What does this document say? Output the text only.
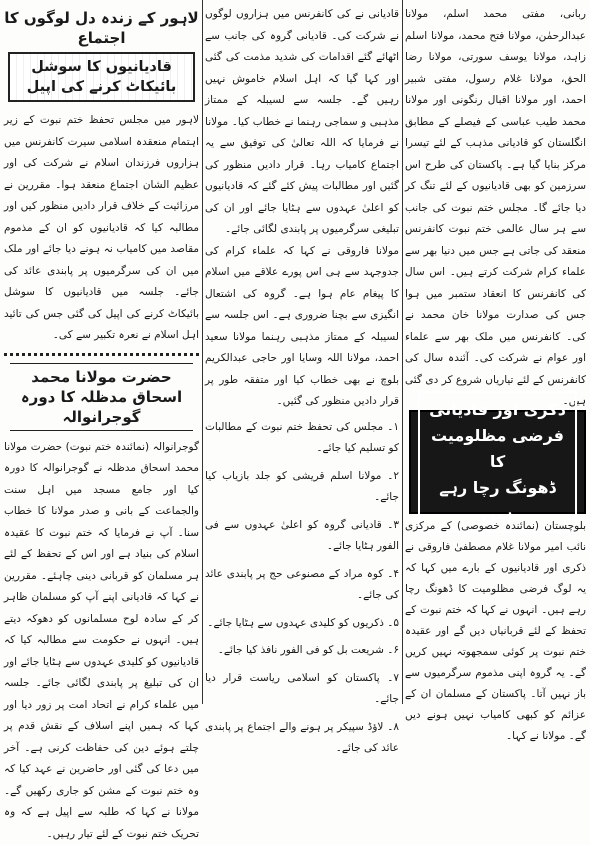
ربانی، مفتی محمد اسلم، مولانا عبدالرحمٰن، مولانا فتح محمد، مولانا اسلم زاہد، مولانا یوسف سورتی، مولانا رضا الحق، مولانا غلام رسول، مفتی شبیر احمد، اور مولانا اقبال رنگونی اور مولانا محمد طیب عباسی کے فیصلے کے مطابق انگلستان کو قادیانی مذہب کے لئے تیسرا مرکز بنایا گیا ہے۔ پاکستان کی طرح اس سرزمین کو بھی قادیانیوں کے لئے تنگ کر دیا جائے گا۔ مجلس ختم نبوت کی جانب سے ہر سال عالمی ختم نبوت کانفرنس منعقد کی جاتی ہے جس میں دنیا بھر سے علماء کرام شرکت کرتے ہیں۔ اس سال کی کانفرنس کا انعقاد ستمبر میں ہوا جس کی صدارت مولانا خان محمد نے کی۔ کانفرنس میں ملک بھر سے علماء اور عوام نے شرکت کی۔ آئندہ سال کی کانفرنس کے لئے تیاریاں شروع کر دی گئی ہیں۔

ذکری اور قادیانی
فرضی مظلومیت کا
ڈھونگ رچا رہے ہیں

بلوچستان (نمائندہ خصوصی) کے مرکزی نائب امیر مولانا غلام مصطفیٰ فاروقی نے ذکری اور قادیانیوں کے بارے میں کہا کہ یہ لوگ فرضی مظلومیت کا ڈھونگ رچا رہے ہیں۔ انہوں نے کہا کہ ختم نبوت کے تحفظ کے لئے قربانیاں دیں گے اور عقیدہ ختم نبوت پر کوئی سمجھوتہ نہیں کریں گے۔ یہ گروہ اپنی مذموم سرگرمیوں سے باز نہیں آتا۔ پاکستان کے مسلمان ان کے عزائم کو کبھی کامیاب نہیں ہونے دیں گے۔ مولانا نے کہا۔

قادیانی نے کی کانفرنس میں ہزاروں لوگوں نے شرکت کی۔ قادیانی گروہ کی جانب سے اٹھائے گئے اقدامات کی شدید مذمت کی گئی اور کہا گیا کہ اہل اسلام خاموش نہیں رہیں گے۔ جلسہ سے لسیبلہ کے ممتاز مذہبی و سماجی رہنما نے خطاب کیا۔ مولانا نے فرمایا کہ اللہ تعالیٰ کی توفیق سے یہ اجتماع کامیاب رہا۔ قرار دادیں منظور کی گئیں اور مطالبات پیش کئے گئے کہ قادیانیوں کو اعلیٰ عہدوں سے ہٹایا جائے اور ان کی تبلیغی سرگرمیوں پر پابندی لگائی جائے۔

مولانا فاروقی نے کہا کہ علماء کرام کی جدوجہد سے ہی اس پورے علاقے میں اسلام کا پیغام عام ہوا ہے۔ گروہ کی اشتعال انگیزی سے بچنا ضروری ہے۔ اس جلسہ سے لسیبلہ کے ممتاز مذہبی رہنما مولانا سعید احمد، مولانا اللہ وسایا اور حاجی عبدالکریم بلوچ نے بھی خطاب کیا اور متفقہ طور پر قرار دادیں منظور کی گئیں۔

۱۔ مجلس کی تحفظ ختم نبوت کے مطالبات کو تسلیم کیا جائے۔

۲۔ مولانا اسلم قریشی کو جلد بازیاب کیا جائے۔

۳۔ قادیانی گروہ کو اعلیٰ عہدوں سے فی الفور ہٹایا جائے۔

۴۔ کوہ مراد کے مصنوعی حج پر پابندی عائد کی جائے۔

۵۔ ذکریوں کو کلیدی عہدوں سے ہٹایا جائے۔

۶۔ شریعت بل کو فی الفور نافذ کیا جائے۔

۷۔ پاکستان کو اسلامی ریاست قرار دیا جائے۔

۸۔ لاؤڈ سپیکر پر ہونے والے اجتماع پر پابندی عائد کی جائے۔

لاہور کے زندہ دل لوگوں کا اجتماع
قادیانیوں کا سوشل بائیکاٹ کرنے کی اپیل

لاہور میں مجلس تحفظ ختم نبوت کے زیر اہتمام منعقدہ اسلامی سیرت کانفرنس میں ہزاروں فرزندان اسلام نے شرکت کی اور عظیم الشان اجتماع منعقد ہوا۔ مقررین نے مرزائیت کے خلاف قرار دادیں منظور کیں اور مطالبہ کیا کہ قادیانیوں کو ان کے مذموم مقاصد میں کامیاب نہ ہونے دیا جائے اور ملک میں ان کی سرگرمیوں پر پابندی عائد کی جائے۔ جلسہ میں قادیانیوں کا سوشل بائیکاٹ کرنے کی اپیل کی گئی جس کی تائید اہل اسلام نے نعرہ تکبیر سے کی۔

حضرت مولانا محمد اسحاق مدظلہ کا دورہ گوجرانوالہ

گوجرانوالہ (نمائندہ ختم نبوت) حضرت مولانا محمد اسحاق مدظلہ نے گوجرانوالہ کا دورہ کیا اور جامع مسجد میں اہل سنت والجماعت کے بانی و صدر مولانا کا خطاب سنا۔ آپ نے فرمایا کہ ختم نبوت کا عقیدہ اسلام کی بنیاد ہے اور اس کے تحفظ کے لئے ہر مسلمان کو قربانی دینی چاہئے۔ مقررین نے کہا کہ قادیانی اپنے آپ کو مسلمان ظاہر کر کے سادہ لوح مسلمانوں کو دھوکہ دیتے ہیں۔ انہوں نے حکومت سے مطالبہ کیا کہ قادیانیوں کو کلیدی عہدوں سے ہٹایا جائے اور ان کی تبلیغ پر پابندی لگائی جائے۔ جلسہ میں علماء کرام نے اتحاد امت پر زور دیا اور کہا کہ ہمیں اپنے اسلاف کے نقش قدم پر چلتے ہوئے دین کی حفاظت کرنی ہے۔ آخر میں دعا کی گئی اور حاضرین نے عہد کیا کہ وہ ختم نبوت کے مشن کو جاری رکھیں گے۔ مولانا نے کہا کہ طلبہ سے اپیل ہے کہ وہ تحریک ختم نبوت کے لئے تیار رہیں۔
